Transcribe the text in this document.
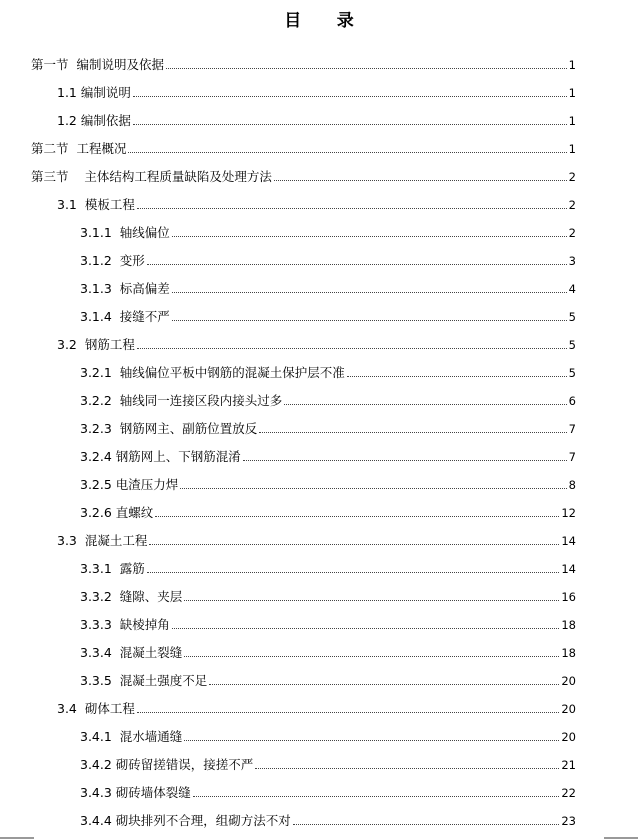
目      录
第一节  编制说明及依据	1
1.1 编制说明	1
1.2 编制依据	1
第二节  工程概况	1
第三节    主体结构工程质量缺陷及处理方法	2
3.1  模板工程	2
3.1.1  轴线偏位	2
3.1.2  变形	3
3.1.3  标高偏差	4
3.1.4  接缝不严	5
3.2  钢筋工程	5
3.2.1  轴线偏位平板中钢筋的混凝土保护层不准	5
3.2.2  轴线同一连接区段内接头过多	6
3.2.3  钢筋网主、副筋位置放反	7
3.2.4 钢筋网上、下钢筋混淆	7
3.2.5 电渣压力焊	8
3.2.6 直螺纹	12
3.3  混凝土工程	14
3.3.1  露筋	14
3.3.2  缝隙、夹层	16
3.3.3  缺棱掉角	18
3.3.4  混凝土裂缝	18
3.3.5  混凝土强度不足	20
3.4  砌体工程	20
3.4.1  混水墙通缝	20
3.4.2 砌砖留搓错误，接搓不严	21
3.4.3 砌砖墙体裂缝	22
3.4.4 砌块排列不合理，组砌方法不对	23
